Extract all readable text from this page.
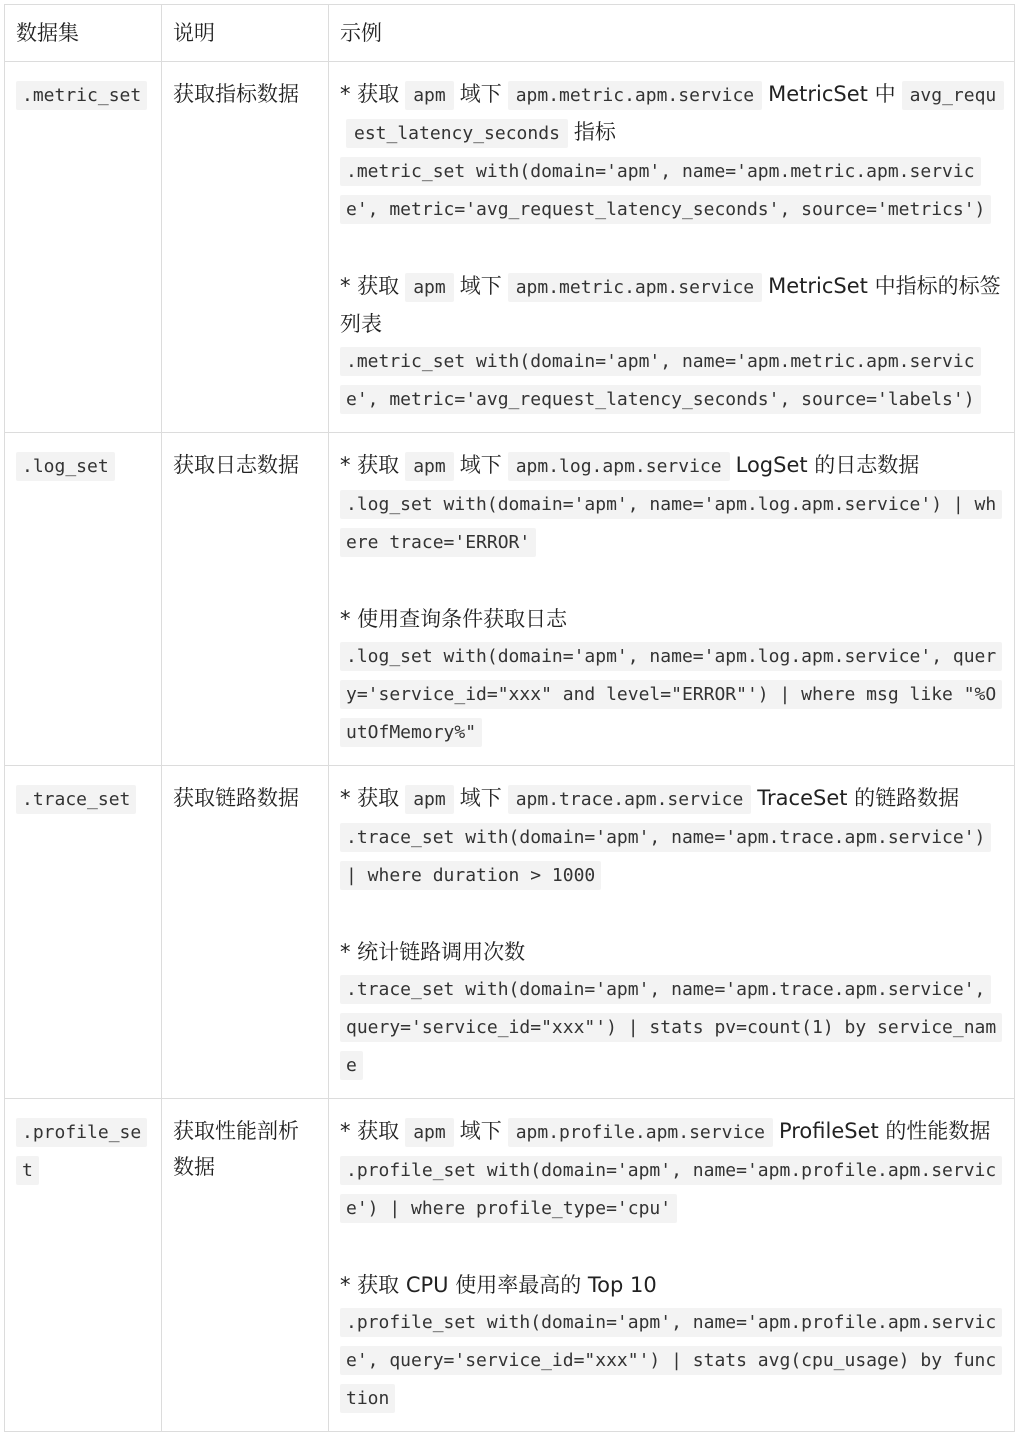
数据集	说明	示例
.metric_set	获取指标数据	* 获取 apm 域下 apm.metric.apm.service MetricSet 中 avg_request_latency_seconds 指标
.metric_set with(domain='apm', name='apm.metric.apm.service', metric='avg_request_latency_seconds', source='metrics')
* 获取 apm 域下 apm.metric.apm.service MetricSet 中指标的标签列表
.metric_set with(domain='apm', name='apm.metric.apm.service', metric='avg_request_latency_seconds', source='labels')

.log_set	获取日志数据	* 获取 apm 域下 apm.log.apm.service LogSet 的日志数据
.log_set with(domain='apm', name='apm.log.apm.service') | where trace='ERROR'
* 使用查询条件获取日志
.log_set with(domain='apm', name='apm.log.apm.service', query='service_id="xxx" and level="ERROR"') | where msg like "%OutOfMemory%"

.trace_set	获取链路数据	* 获取 apm 域下 apm.trace.apm.service TraceSet 的链路数据
.trace_set with(domain='apm', name='apm.trace.apm.service') | where duration > 1000
* 统计链路调用次数
.trace_set with(domain='apm', name='apm.trace.apm.service', query='service_id="xxx"') | stats pv=count(1) by service_name

.profile_set	获取性能剖析数据	* 获取 apm 域下 apm.profile.apm.service ProfileSet 的性能数据
.profile_set with(domain='apm', name='apm.profile.apm.service') | where profile_type='cpu'
* 获取 CPU 使用率最高的 Top 10
.profile_set with(domain='apm', name='apm.profile.apm.service', query='service_id="xxx"') | stats avg(cpu_usage) by function
